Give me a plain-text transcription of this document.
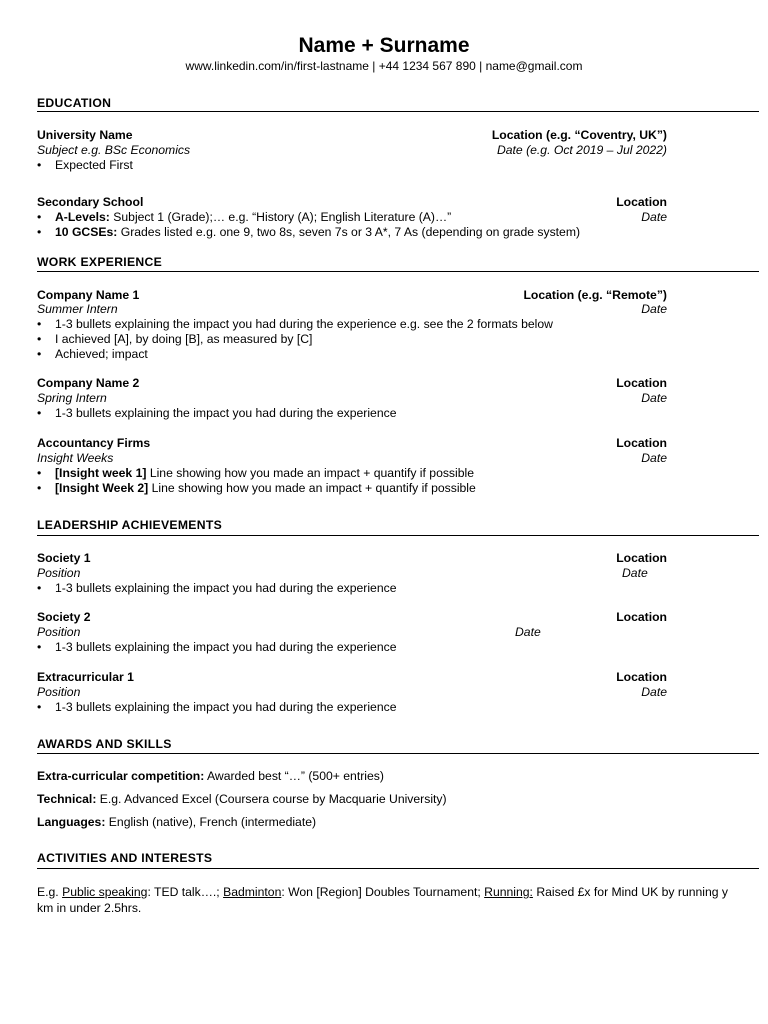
Name + Surname
www.linkedin.com/in/first-lastname | +44 1234 567 890 | name@gmail.com
EDUCATION
University Name	Location (e.g. “Coventry, UK”)
Subject e.g. BSc Economics	Date (e.g. Oct 2019 – Jul 2022)
• Expected First
Secondary School	Location
• A-Levels: Subject 1 (Grade);… e.g. “History (A); English Literature (A)…”	Date
• 10 GCSEs: Grades listed e.g. one 9, two 8s, seven 7s or 3 A*, 7 As (depending on grade system)
WORK EXPERIENCE
Company Name 1	Location (e.g. “Remote”)
Summer Intern	Date
• 1-3 bullets explaining the impact you had during the experience e.g. see the 2 formats below
• I achieved [A], by doing [B], as measured by [C]
• Achieved; impact
Company Name 2	Location
Spring Intern	Date
• 1-3 bullets explaining the impact you had during the experience
Accountancy Firms	Location
Insight Weeks	Date
• [Insight week 1] Line showing how you made an impact + quantify if possible
• [Insight Week 2] Line showing how you made an impact + quantify if possible
LEADERSHIP ACHIEVEMENTS
Society 1	Location
Position	Date
• 1-3 bullets explaining the impact you had during the experience
Society 2	Location
Position	Date
• 1-3 bullets explaining the impact you had during the experience
Extracurricular 1	Location
Position	Date
• 1-3 bullets explaining the impact you had during the experience
AWARDS AND SKILLS
Extra-curricular competition: Awarded best “…” (500+ entries)
Technical: E.g. Advanced Excel (Coursera course by Macquarie University)
Languages: English (native), French (intermediate)
ACTIVITIES AND INTERESTS
E.g. Public speaking: TED talk….; Badminton: Won [Region] Doubles Tournament; Running: Raised £x for Mind UK by running y km in under 2.5hrs.
